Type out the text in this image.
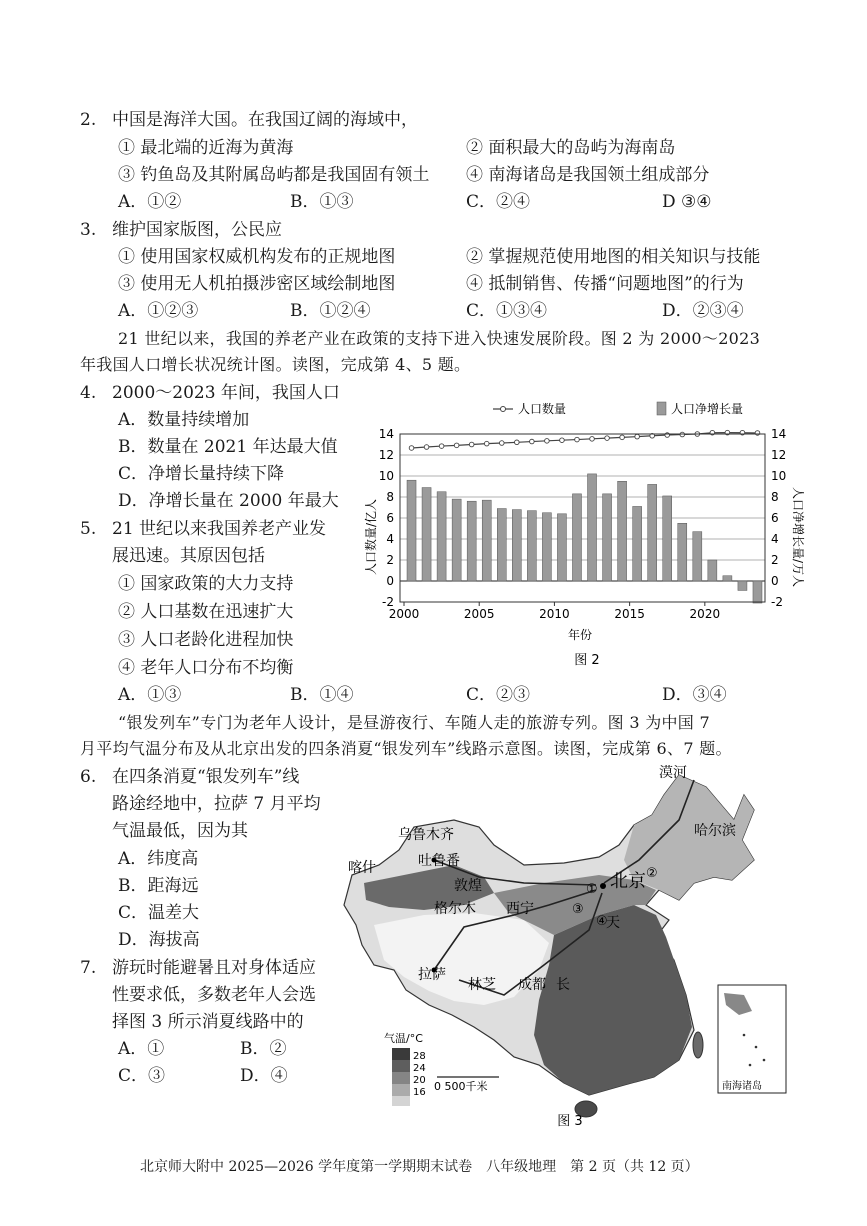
2. 中国是海洋大国。在我国辽阔的海域中，
① 最北端的近海为黄海	② 面积最大的岛屿为海南岛
③ 钓鱼岛及其附属岛屿都是我国固有领土 ④ 南海诸岛是我国领土组成部分
A．①②	B．①③	C．②④	D ③④
3. 维护国家版图，公民应
① 使用国家权威机构发布的正规地图	② 掌握规范使用地图的相关知识与技能
③ 使用无人机拍摄涉密区域绘制地图	④ 抵制销售、传播“问题地图”的行为
A．①②③	B．①②④	C．①③④	D．②③④
21 世纪以来，我国的养老产业在政策的支持下进入快速发展阶段。图 2 为 2000～2023
年我国人口增长状况统计图。读图，完成第 4、5 题。
4. 2000～2023 年间，我国人口
A．数量持续增加
B．数量在 2021 年达最大值
C．净增长量持续下降
D．净增长量在 2000 年最大
5. 21 世纪以来我国养老产业发
展迅速。其原因包括
① 国家政策的大力支持
② 人口基数在迅速扩大
③ 人口老龄化进程加快
④ 老年人口分布不均衡
A．①③	B．①④	C．②③	D．③④
-2
0
2
4
6
8
10
12
14
-2
0
2
4
6
8
10
12
14
2000	2005	2010	2015	2020
人口数量	人口净增长量
人口数量/亿人	人口净增长量/万人
年份
图 2
“银发列车”专门为老年人设计，是昼游夜行、车随人走的旅游专列。图 3 为中国 7
月平均气温分布及从北京出发的四条消夏“银发列车”线路示意图。读图，完成第 6、7 题。
6. 在四条消夏“银发列车”线
路途经地中，拉萨 7 月平均
气温最低，因为其
A．纬度高
B．距海远
C．温差大
D．海拔高
7. 游玩时能避暑且对身体适应
性要求低，多数老年人会选
择图 3 所示消夏线路中的
A．①	B．②
C．③	D．④
漠河
哈尔滨
乌鲁木齐
吐鲁番
喀什
敦煌	北京
格尔木 西宁
拉萨
林芝 成都
天
长
①
②
③
④
气温/°C
28
24
20
16 0 500千米	南海诸岛
图 3
北京师大附中 2025—2026 学年度第一学期期末试卷　八年级地理　第 2 页（共 12 页）
